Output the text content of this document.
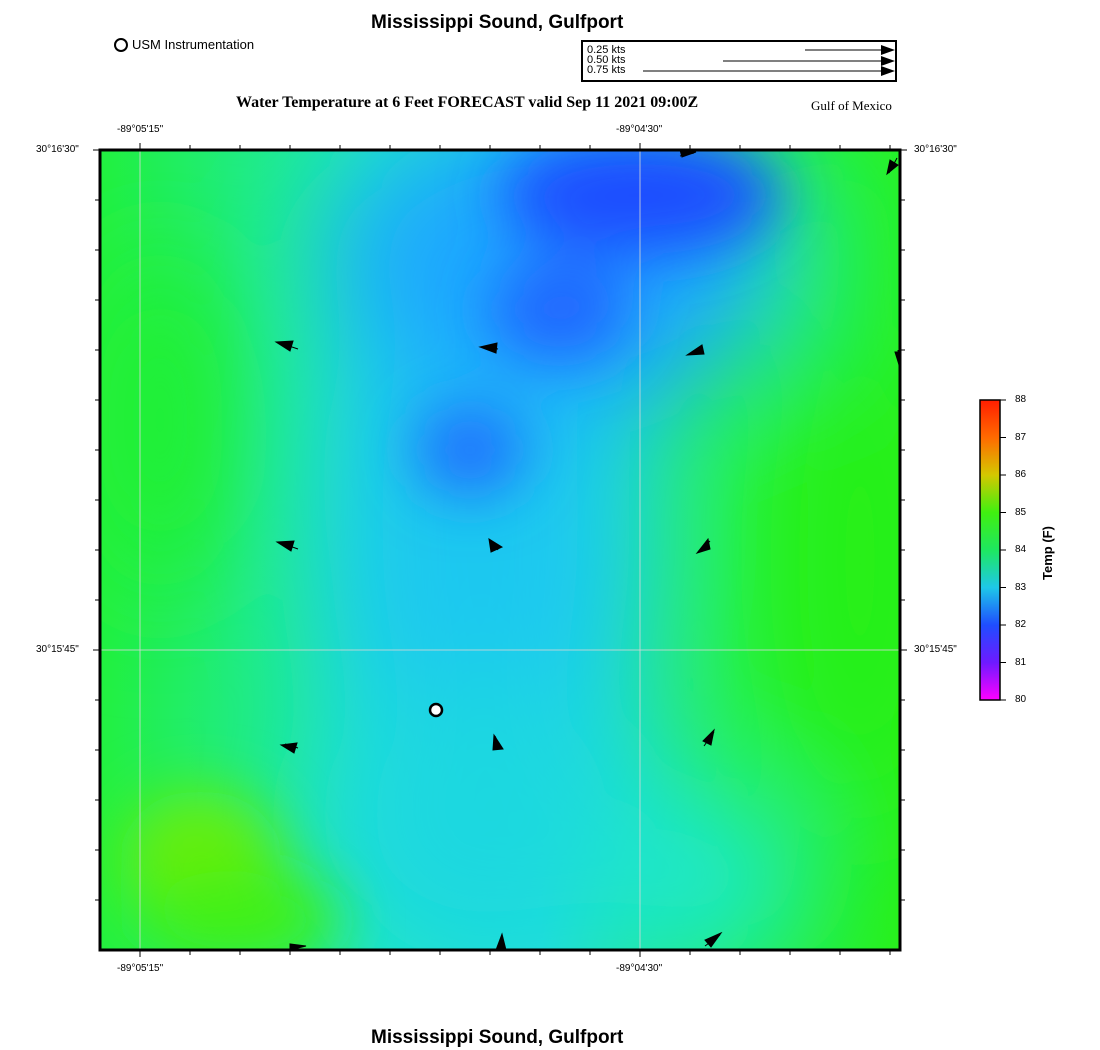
Mississippi Sound, Gulfport
USM Instrumentation	0.25 kts
0.50 kts
0.75 kts
Water Temperature at 6 Feet FORECAST valid Sep 11 2021 09:00Z	Gulf of Mexico
-89°05'15"	-89°04'30"
-89°05'15"	-89°04'30"
30°16'30"
30°15'45"
30°16'30"
30°15'45"
88
87
86
85
84
83
82
81
80
Temp (F)
Mississippi Sound, Gulfport
